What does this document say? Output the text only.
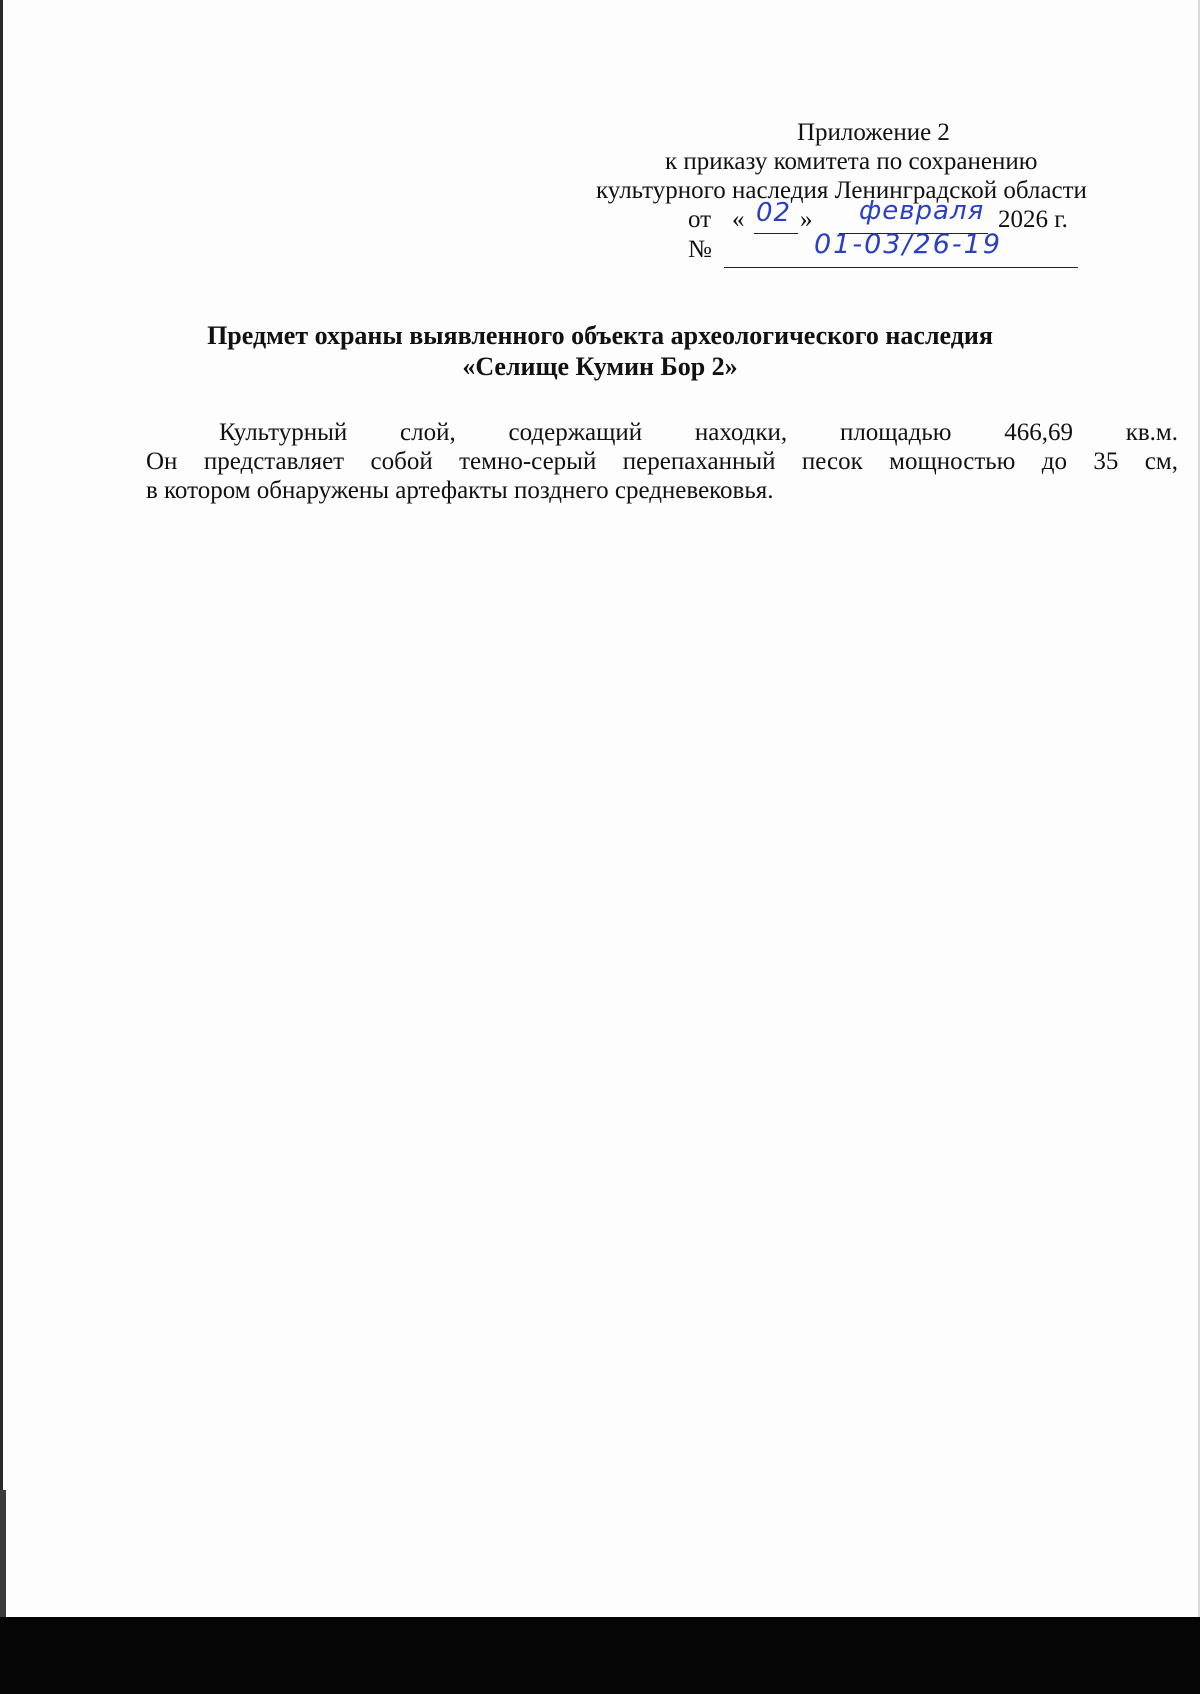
Приложение 2
к приказу комитета по сохранению
культурного наследия Ленинградской области
от « 02 » февраля 2026 г.
№	01-03/26-19
Предмет охраны выявленного объекта археологического наследия
«Селище Кумин Бор 2»
Культурный слой, содержащий находки, площадью 466,69 кв.м.
Он представляет собой темно-серый перепаханный песок мощностью до 35 см,
в котором обнаружены артефакты позднего средневековья.
